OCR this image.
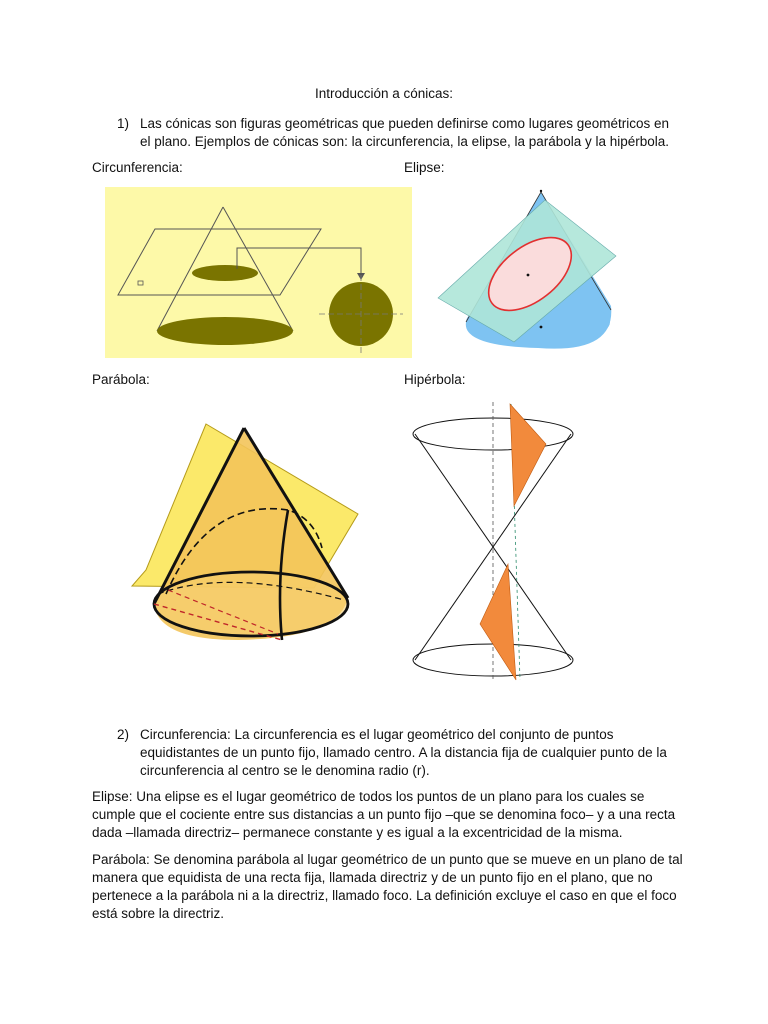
Introducción a cónicas:
1) Las cónicas son figuras geométricas que pueden definirse como lugares geométricos en el plano. Ejemplos de cónicas son: la circunferencia, la elipse, la parábola y la hipérbola.
Circunferencia:	Elipse:
Parábola:	Hipérbola:
2) Circunferencia: La circunferencia es el lugar geométrico del conjunto de puntos equidistantes de un punto fijo, llamado centro. A la distancia fija de cualquier punto de la circunferencia al centro se le denomina radio (r).
Elipse: Una elipse es el lugar geométrico de todos los puntos de un plano para los cuales se cumple que el cociente entre sus distancias a un punto fijo –que se denomina foco– y a una recta dada –llamada directriz– permanece constante y es igual a la excentricidad de la misma.
Parábola: Se denomina parábola al lugar geométrico de un punto que se mueve en un plano de tal manera que equidista de una recta fija, llamada directriz y de un punto fijo en el plano, que no pertenece a la parábola ni a la directriz, llamado foco. La definición excluye el caso en que el foco está sobre la directriz.
